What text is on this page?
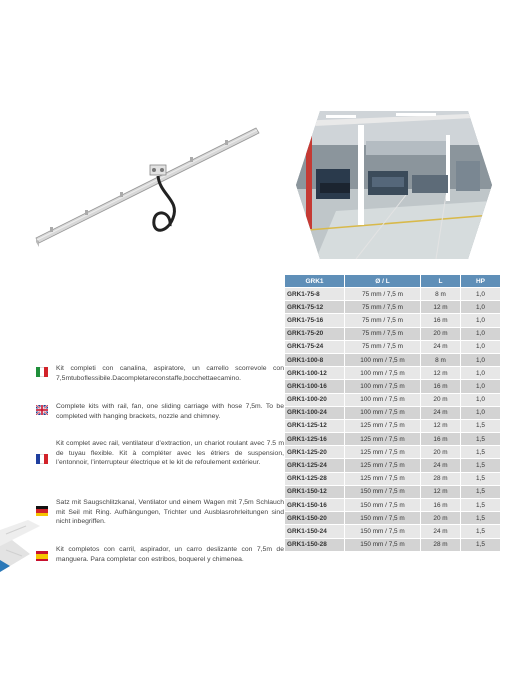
GRK1	Ø / L	L	HP
GRK1-75-8	75 mm / 7,5 m	8 m	1,0
GRK1-75-12	75 mm / 7,5 m	12 m	1,0
GRK1-75-16	75 mm / 7,5 m	16 m	1,0
GRK1-75-20	75 mm / 7,5 m	20 m	1,0
GRK1-75-24	75 mm / 7,5 m	24 m	1,0
GRK1-100-8	100 mm / 7,5 m	8 m	1,0
GRK1-100-12	100 mm / 7,5 m	12 m	1,0
GRK1-100-16	100 mm / 7,5 m	16 m	1,0
GRK1-100-20	100 mm / 7,5 m	20 m	1,0
GRK1-100-24	100 mm / 7,5 m	24 m	1,0
GRK1-125-12	125 mm / 7,5 m	12 m	1,5
GRK1-125-16	125 mm / 7,5 m	16 m	1,5
GRK1-125-20	125 mm / 7,5 m	20 m	1,5
GRK1-125-24	125 mm / 7,5 m	24 m	1,5
GRK1-125-28	125 mm / 7,5 m	28 m	1,5
GRK1-150-12	150 mm / 7,5 m	12 m	1,5
GRK1-150-16	150 mm / 7,5 m	16 m	1,5
GRK1-150-20	150 mm / 7,5 m	20 m	1,5
GRK1-150-24	150 mm / 7,5 m	24 m	1,5
GRK1-150-28	150 mm / 7,5 m	28 m	1,5

Kit completi con canalina, aspiratore, un carrello scorrevole con 7,5mtuboflessibile.Dacompletareconstaffe,bocchettaecamino.

Complete kits with rail, fan, one sliding carriage with hose 7,5m. To be completed with hanging brackets, nozzle and chimney.

Kit complet avec rail, ventilateur d’extraction, un chariot roulant avec 7.5 m de tuyau flexible. Kit à compléter avec les étriers de suspension, l’entonnoir, l’interrupteur électrique et le kit de refoulement extérieur.

Satz mit Saugschlitzkanal, Ventilator und einem Wagen mit 7,5m Schlauch mit Seil mit Ring. Aufhängungen, Trichter und Ausblasrohrleitungen sind nicht inbegriffen.

Kit completos con carril, aspirador, un carro deslizante con 7,5m de manguera. Para completar con estribos, boquerel y chimenea.
